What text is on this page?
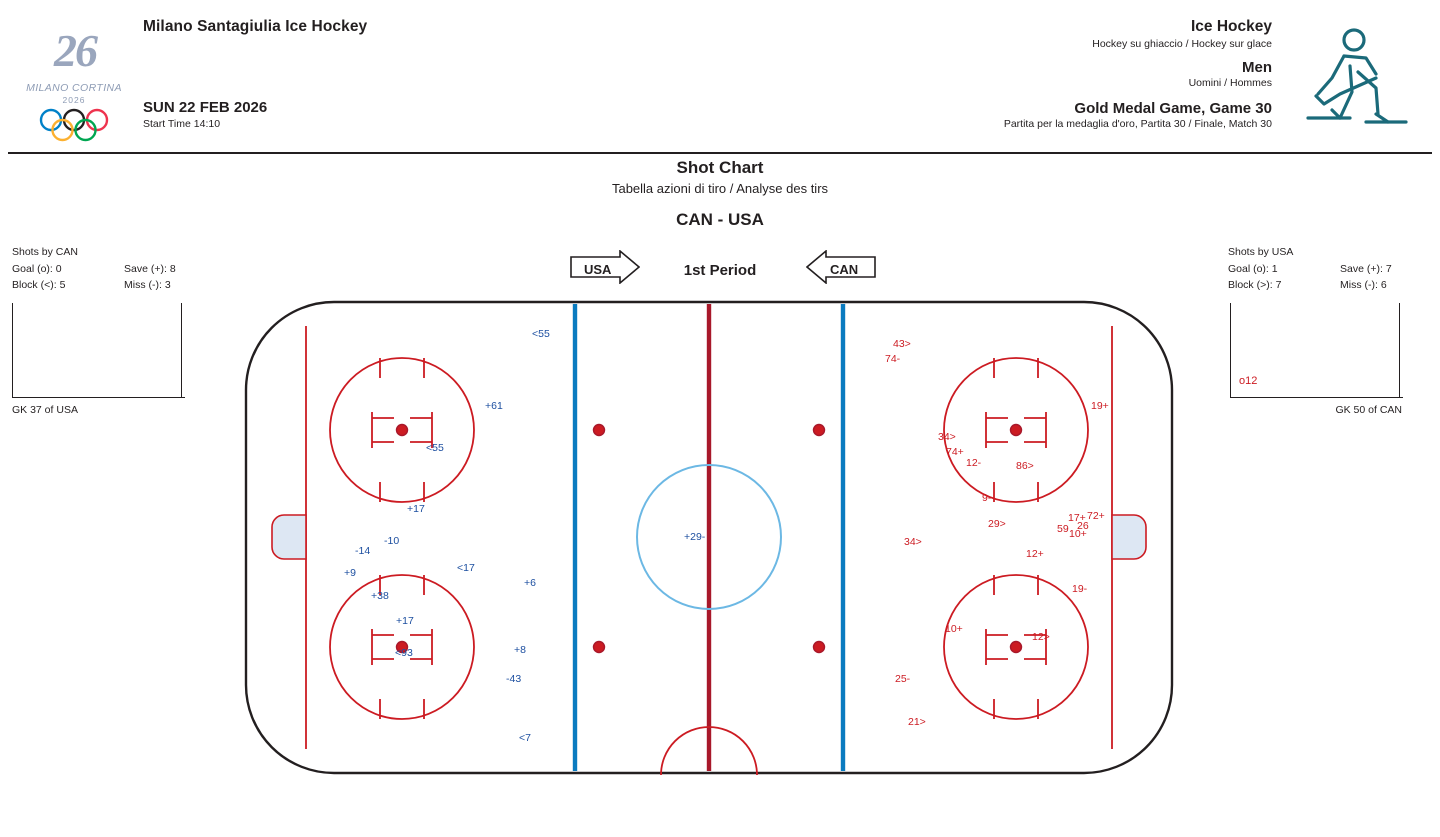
26
MILANO CORTINA
2026
Milano Santagiulia Ice Hockey
SUN 22 FEB 2026
Start Time 14:10
Ice Hockey
Hockey su ghiaccio / Hockey sur glace
Men
Uomini / Hommes
Gold Medal Game, Game 30
Partita per la medaglia d'oro, Partita 30 / Finale, Match 30
Shot Chart
Tabella azioni di tiro / Analyse des tirs
CAN - USA
1st Period
USA	CAN
Shots by CAN
Goal (o): 0	Save (+): 8
Block (<): 5	Miss (-): 3
GK 37 of USA
Shots by USA
Goal (o): 1	Save (+): 7
Block (>): 7	Miss (-): 6
o12
GK 50 of CAN
<55
+61
<55
+17
-10
-14
+9	<17
+38
+6
+17
<93	+8
-43
<7
+29-
43>
74-
19+
34>
74+
12-	86>
9-
29>
34>
17+ 72+
26
59 10+
12+
19-
10+
12>
25-
21>
